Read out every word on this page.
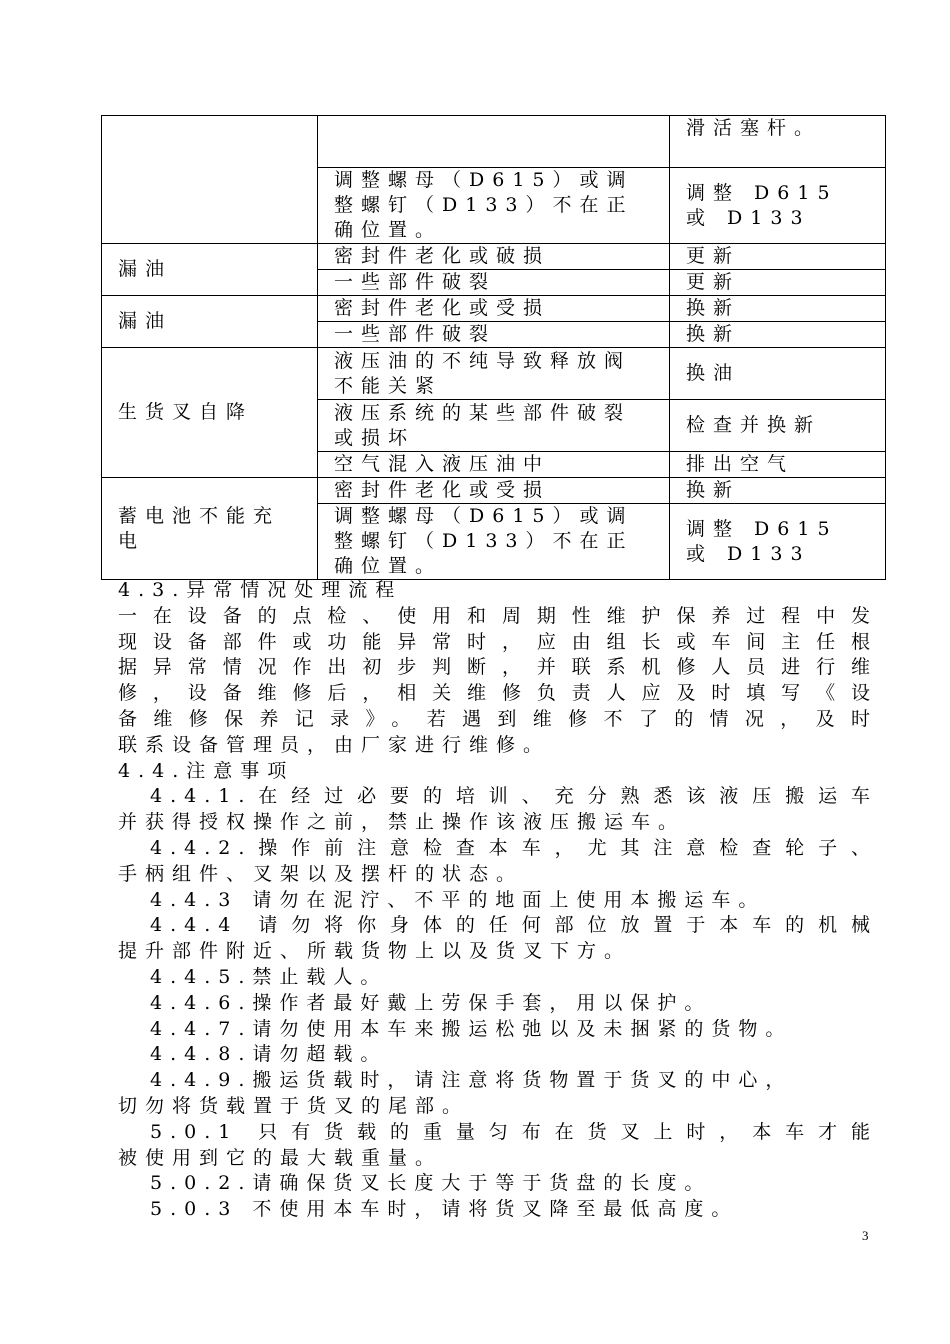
		滑活塞杆。
	调整螺母（D615）或调整螺钉（D133）不在正确位置。	调整 D615 或 D133
漏油	密封件老化或破损	更新
	一些部件破裂	更新
漏油	密封件老化或受损	换新
	一些部件破裂	换新
生货叉自降	液压油的不纯导致释放阀不能关紧	换油
	液压系统的某些部件破裂或损坏	检查并换新
	空气混入液压油中	排出空气
蓄电池不能充电	密封件老化或受损	换新
	调整螺母（D615）或调整螺钉（D133）不在正确位置。	调整 D615 或 D133

4.3.异常情况处理流程

一在设备的点检、使用和周期性维护保养过程中发

现设备部件或功能异常时，应由组长或车间主任根

据异常情况作出初步判断，并联系机修人员进行维

修，设备维修后，相关维修负责人应及时填写《设

备维修保养记录》。若遇到维修不了的情况，及时

联系设备管理员，由厂家进行维修。

4.4.注意事项

4.4.1.在经过必要的培训、充分熟悉该液压搬运车

并获得授权操作之前，禁止操作该液压搬运车。

4.4.2.操作前注意检查本车，尤其注意检查轮子、

手柄组件、叉架以及摆杆的状态。

4.4.3 请勿在泥泞、不平的地面上使用本搬运车。

4.4.4 请勿将你身体的任何部位放置于本车的机械

提升部件附近、所载货物上以及货叉下方。

4.4.5.禁止载人。

4.4.6.操作者最好戴上劳保手套，用以保护。

4.4.7.请勿使用本车来搬运松弛以及未捆紧的货物。

4.4.8.请勿超载。

4.4.9.搬运货载时，请注意将货物置于货叉的中心，

切勿将货载置于货叉的尾部。

5.0.1 只有货载的重量匀布在货叉上时，本车才能

被使用到它的最大载重量。

5.0.2.请确保货叉长度大于等于货盘的长度。

5.0.3 不使用本车时，请将货叉降至最低高度。

3
